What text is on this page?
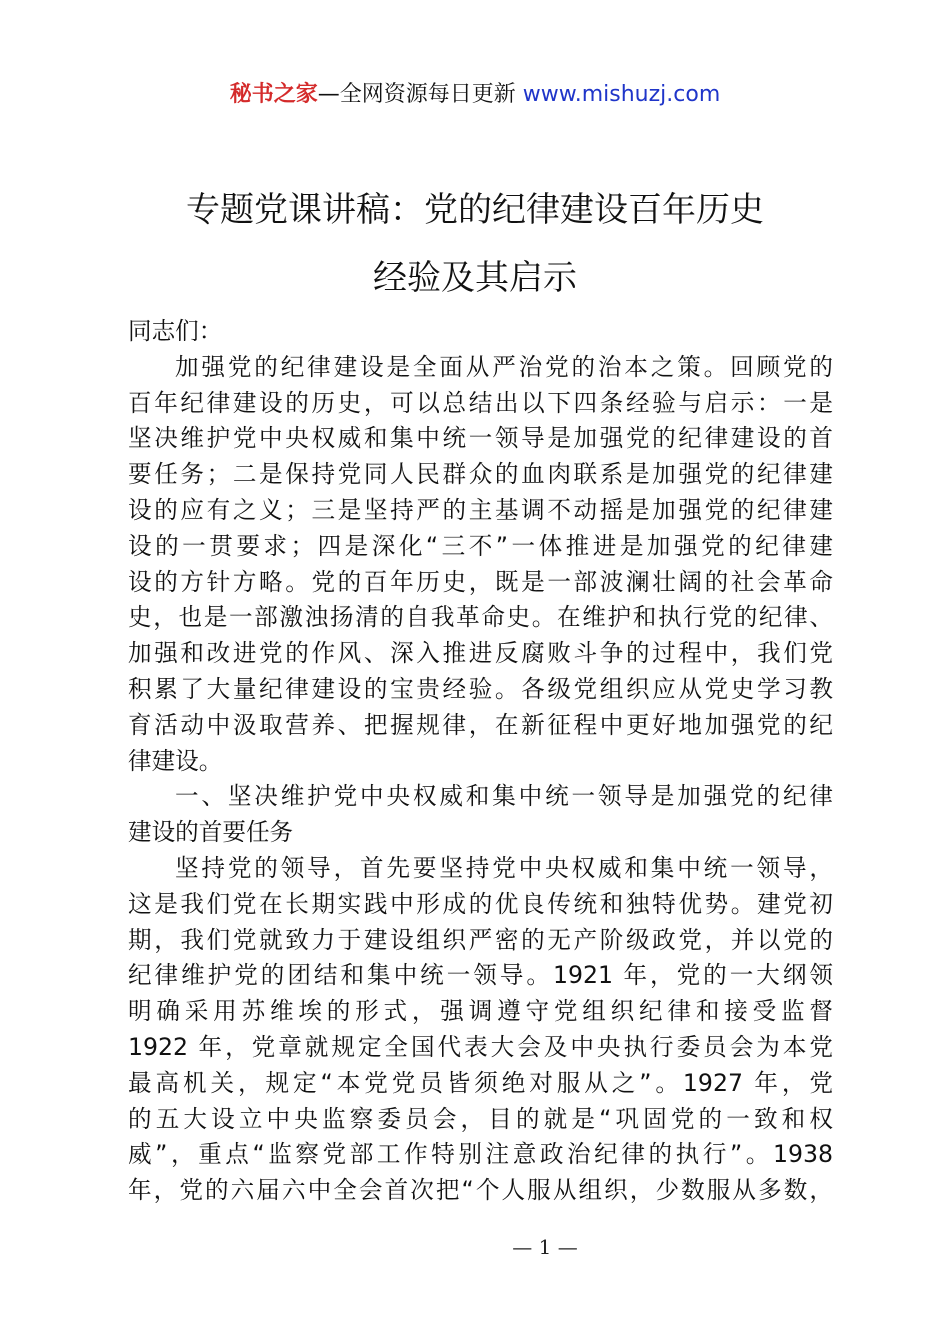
秘书之家—全网资源每日更新 www.mishuzj.com
专题党课讲稿：党的纪律建设百年历史
经验及其启示
同志们：
加强党的纪律建设是全面从严治党的治本之策。回顾党的
百年纪律建设的历史，可以总结出以下四条经验与启示：一是
坚决维护党中央权威和集中统一领导是加强党的纪律建设的首
要任务；二是保持党同人民群众的血肉联系是加强党的纪律建
设的应有之义；三是坚持严的主基调不动摇是加强党的纪律建
设的一贯要求；四是深化“三不”一体推进是加强党的纪律建
设的方针方略。党的百年历史，既是一部波澜壮阔的社会革命
史，也是一部激浊扬清的自我革命史。在维护和执行党的纪律、
加强和改进党的作风、深入推进反腐败斗争的过程中，我们党
积累了大量纪律建设的宝贵经验。各级党组织应从党史学习教
育活动中汲取营养、把握规律，在新征程中更好地加强党的纪
律建设。
一、坚决维护党中央权威和集中统一领导是加强党的纪律
建设的首要任务
坚持党的领导，首先要坚持党中央权威和集中统一领导，
这是我们党在长期实践中形成的优良传统和独特优势。建党初
期，我们党就致力于建设组织严密的无产阶级政党，并以党的
纪律维护党的团结和集中统一领导。1921 年，党的一大纲领
明确采用苏维埃的形式，强调遵守党组织纪律和接受监督
1922 年，党章就规定全国代表大会及中央执行委员会为本党
最高机关，规定“本党党员皆须绝对服从之”。1927 年，党
的五大设立中央监察委员会，目的就是“巩固党的一致和权
威”，重点“监察党部工作特别注意政治纪律的执行”。1938
年，党的六届六中全会首次把“个人服从组织，少数服从多数，
— 1 —
